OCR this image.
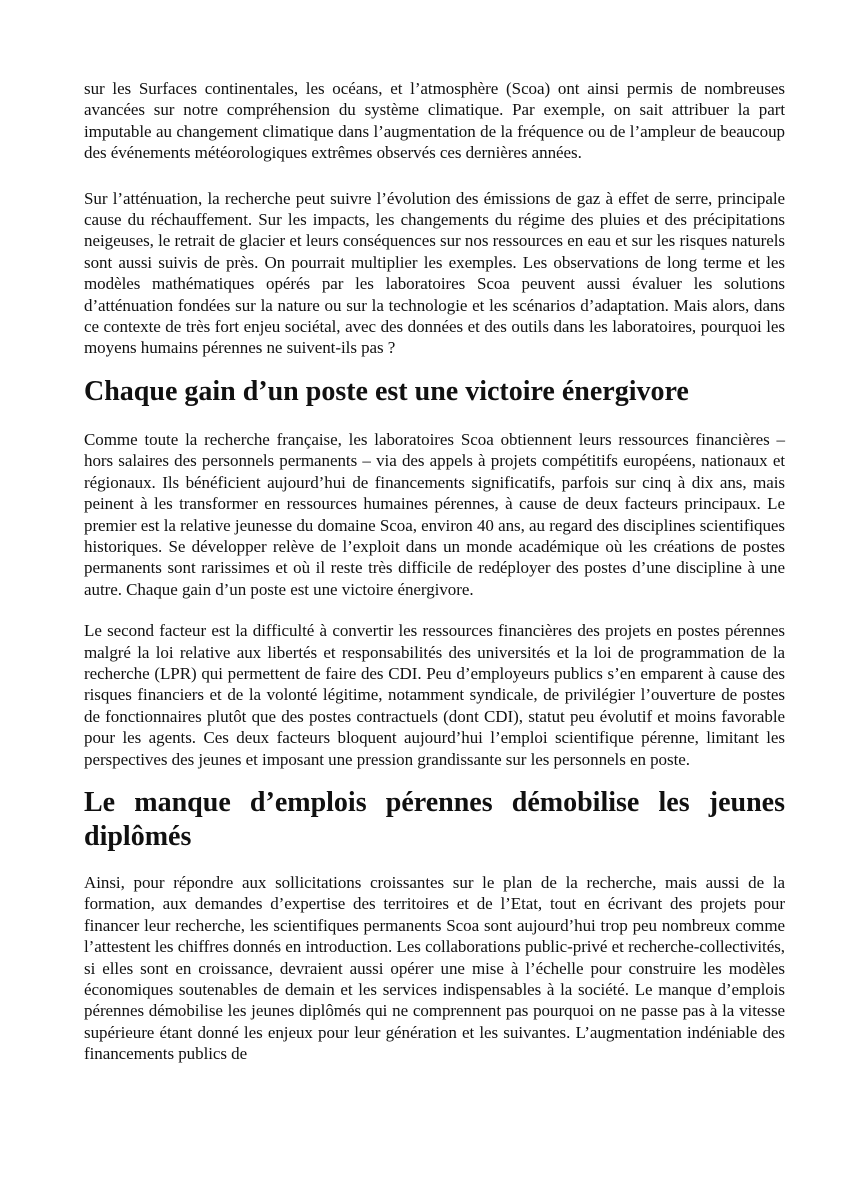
sur les Surfaces continentales, les océans, et l’atmosphère (Scoa) ont ainsi permis de nombreuses avancées sur notre compréhension du système climatique. Par exemple, on sait attribuer la part imputable au changement climatique dans l’augmentation de la fréquence ou de l’ampleur de beaucoup des événements météorologiques extrêmes observés ces dernières années.

Sur l’atténuation, la recherche peut suivre l’évolution des émissions de gaz à effet de serre, principale cause du réchauffement. Sur les impacts, les changements du régime des pluies et des précipitations neigeuses, le retrait de glacier et leurs conséquences sur nos ressources en eau et sur les risques naturels sont aussi suivis de près. On pourrait multiplier les exemples. Les observations de long terme et les modèles mathématiques opérés par les laboratoires Scoa peuvent aussi évaluer les solutions d’atténuation fondées sur la nature ou sur la technologie et les scénarios d’adaptation. Mais alors, dans ce contexte de très fort enjeu sociétal, avec des données et des outils dans les laboratoires, pourquoi les moyens humains pérennes ne suivent-ils pas ?

Chaque gain d’un poste est une victoire énergivore

Comme toute la recherche française, les laboratoires Scoa obtiennent leurs ressources financières – hors salaires des personnels permanents – via des appels à projets compétitifs européens, nationaux et régionaux. Ils bénéficient aujourd’hui de financements significatifs, parfois sur cinq à dix ans, mais peinent à les transformer en ressources humaines pérennes, à cause de deux facteurs principaux. Le premier est la relative jeunesse du domaine Scoa, environ 40 ans, au regard des disciplines scientifiques historiques. Se développer relève de l’exploit dans un monde académique où les créations de postes permanents sont rarissimes et où il reste très difficile de redéployer des postes d’une discipline à une autre. Chaque gain d’un poste est une victoire énergivore.

Le second facteur est la difficulté à convertir les ressources financières des projets en postes pérennes malgré la loi relative aux libertés et responsabilités des universités et la loi de programmation de la recherche (LPR) qui permettent de faire des CDI. Peu d’employeurs publics s’en emparent à cause des risques financiers et de la volonté légitime, notamment syndicale, de privilégier l’ouverture de postes de fonctionnaires plutôt que des postes contractuels (dont CDI), statut peu évolutif et moins favorable pour les agents. Ces deux facteurs bloquent aujourd’hui l’emploi scientifique pérenne, limitant les perspectives des jeunes et imposant une pression grandissante sur les personnels en poste.

Le manque d’emplois pérennes démobilise les jeunes diplômés

Ainsi, pour répondre aux sollicitations croissantes sur le plan de la recherche, mais aussi de la formation, aux demandes d’expertise des territoires et de l’Etat, tout en écrivant des projets pour financer leur recherche, les scientifiques permanents Scoa sont aujourd’hui trop peu nombreux comme l’attestent les chiffres donnés en introduction. Les collaborations public-privé et recherche-collectivités, si elles sont en croissance, devraient aussi opérer une mise à l’échelle pour construire les modèles économiques soutenables de demain et les services indispensables à la société. Le manque d’emplois pérennes démobilise les jeunes diplômés qui ne comprennent pas pourquoi on ne passe pas à la vitesse supérieure étant donné les enjeux pour leur génération et les suivantes. L’augmentation indéniable des financements publics de
